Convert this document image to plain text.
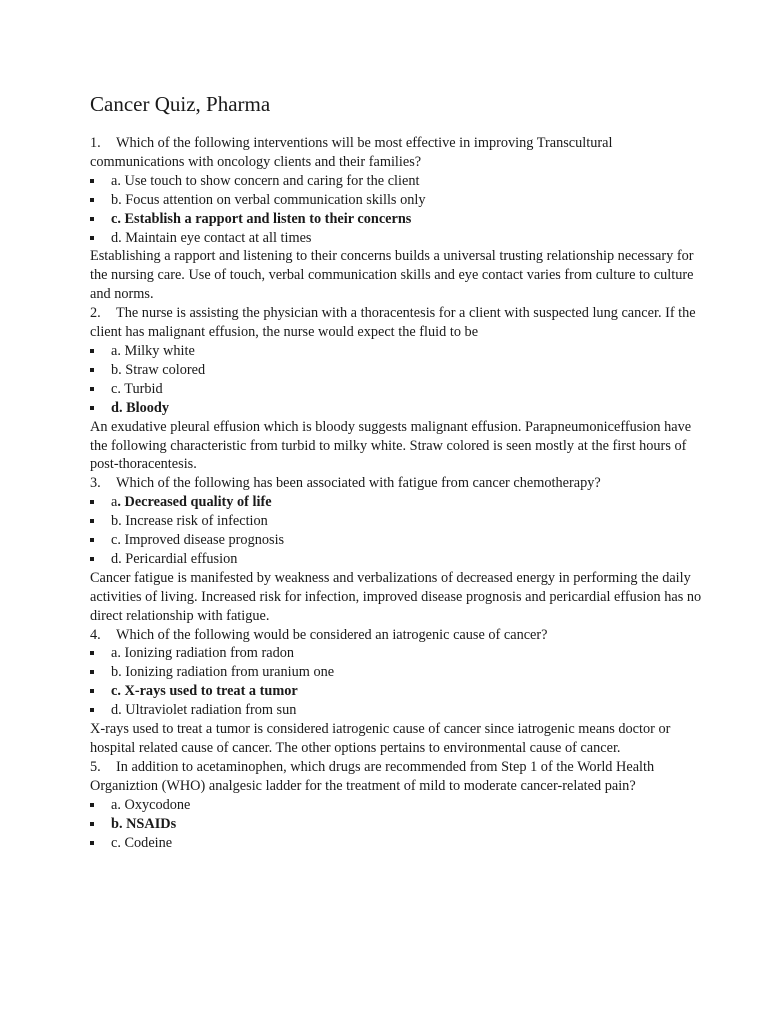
Cancer Quiz, Pharma

1. Which of the following interventions will be most effective in improving Transcultural communications with oncology clients and their families?

a. Use touch to show concern and caring for the client
b. Focus attention on verbal communication skills only
c. Establish a rapport and listen to their concerns
d. Maintain eye contact at all times

Establishing a rapport and listening to their concerns builds a universal trusting relationship necessary for the nursing care. Use of touch, verbal communication skills and eye contact varies from culture to culture and norms.

2. The nurse is assisting the physician with a thoracentesis for a client with suspected lung cancer. If the client has malignant effusion, the nurse would expect the fluid to be

a. Milky white
b. Straw colored
c. Turbid
d. Bloody

An exudative pleural effusion which is bloody suggests malignant effusion. Parapneumoniceffusion have the following characteristic from turbid to milky white. Straw colored is seen mostly at the first hours of post-thoracentesis.

3. Which of the following has been associated with fatigue from cancer chemotherapy?

a. Decreased quality of life
b. Increase risk of infection
c. Improved disease prognosis
d. Pericardial effusion

Cancer fatigue is manifested by weakness and verbalizations of decreased energy in performing the daily activities of living. Increased risk for infection, improved disease prognosis and pericardial effusion has no direct relationship with fatigue.

4. Which of the following would be considered an iatrogenic cause of cancer?

a. Ionizing radiation from radon
b. Ionizing radiation from uranium one
c. X-rays used to treat a tumor
d. Ultraviolet radiation from sun

X-rays used to treat a tumor is considered iatrogenic cause of cancer since iatrogenic means doctor or hospital related cause of cancer. The other options pertains to environmental cause of cancer.

5. In addition to acetaminophen, which drugs are recommended from Step 1 of the World Health Organiztion (WHO) analgesic ladder for the treatment of mild to moderate cancer-related pain?

a. Oxycodone
b. NSAIDs
c. Codeine
